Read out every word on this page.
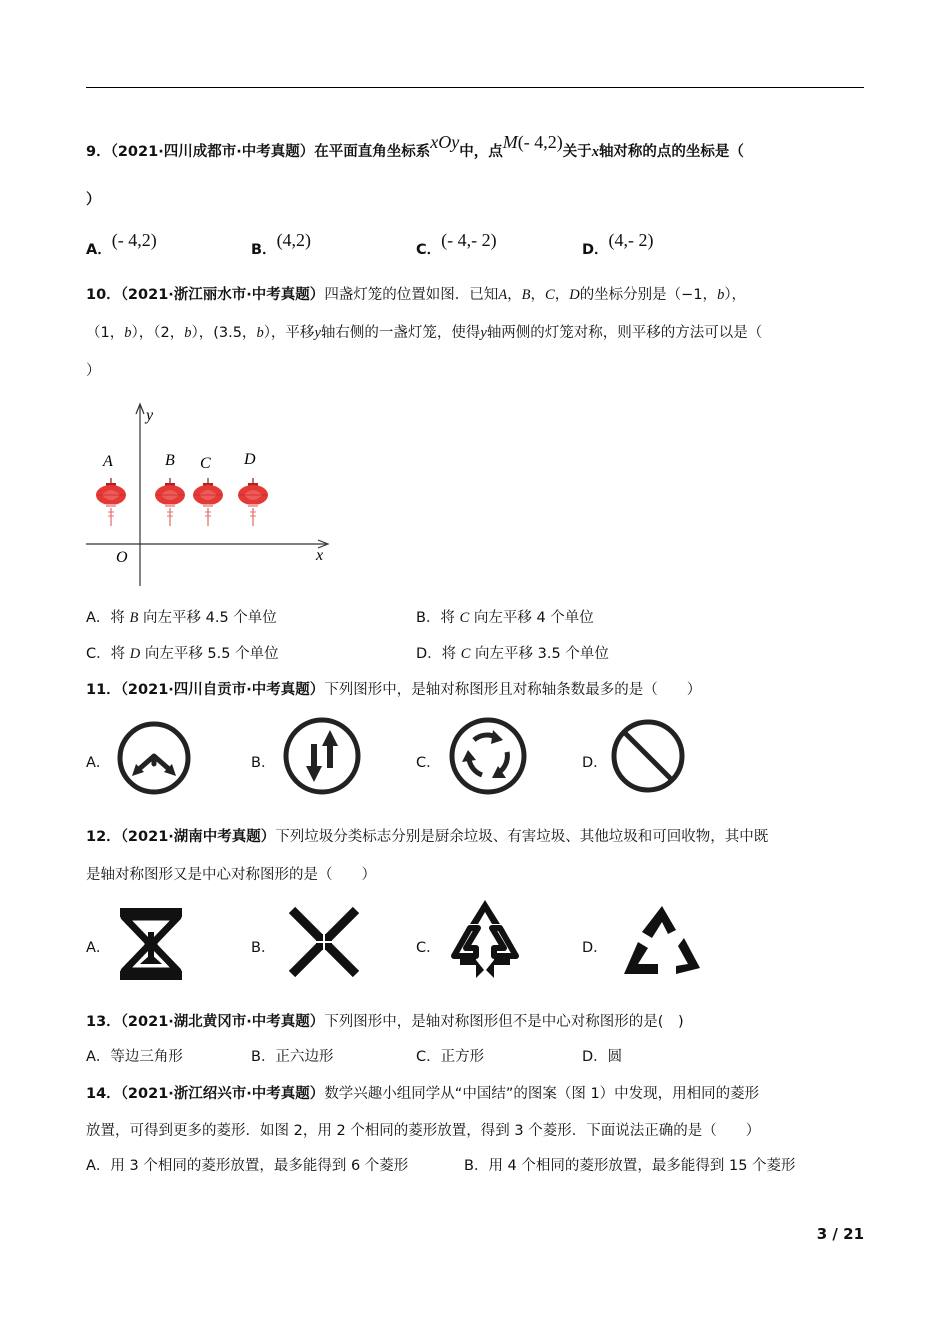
9．（2021·四川成都市·中考真题）在平面直角坐标系xOy中，点M(- 4,2)关于x轴对称的点的坐标是（
）
A．(- 4,2)	B．(4,2)	C．(- 4,- 2)	D．(4,- 2)
10．（2021·浙江丽水市·中考真题）四盏灯笼的位置如图．已知A，B，C，D的坐标分别是（−1，b），
（1，b），（2，b），(3.5，b），平移y轴右侧的一盏灯笼，使得y轴两侧的灯笼对称，则平移的方法可以是（
）
y
x
O
A	B C D
A．将 B 向左平移 4.5 个单位	B．将 C 向左平移 4 个单位
C．将 D 向左平移 5.5 个单位	D．将 C 向左平移 3.5 个单位
11．（2021·四川自贡市·中考真题）下列图形中，是轴对称图形且对称轴条数最多的是（　　）
A．	B．	C．	D．
12．（2021·湖南中考真题）下列垃圾分类标志分别是厨余垃圾、有害垃圾、其他垃圾和可回收物，其中既
是轴对称图形又是中心对称图形的是（　　）
A．	B．	C．	D．
13．（2021·湖北黄冈市·中考真题）下列图形中，是轴对称图形但不是中心对称图形的是(　)
A．等边三角形	B．正六边形	C．正方形	D．圆
14．（2021·浙江绍兴市·中考真题）数学兴趣小组同学从“中国结”的图案（图 1）中发现，用相同的菱形
放置，可得到更多的菱形．如图 2，用 2 个相同的菱形放置，得到 3 个菱形．下面说法正确的是（　　）
A．用 3 个相同的菱形放置，最多能得到 6 个菱形	B．用 4 个相同的菱形放置，最多能得到 15 个菱形
3 / 21
